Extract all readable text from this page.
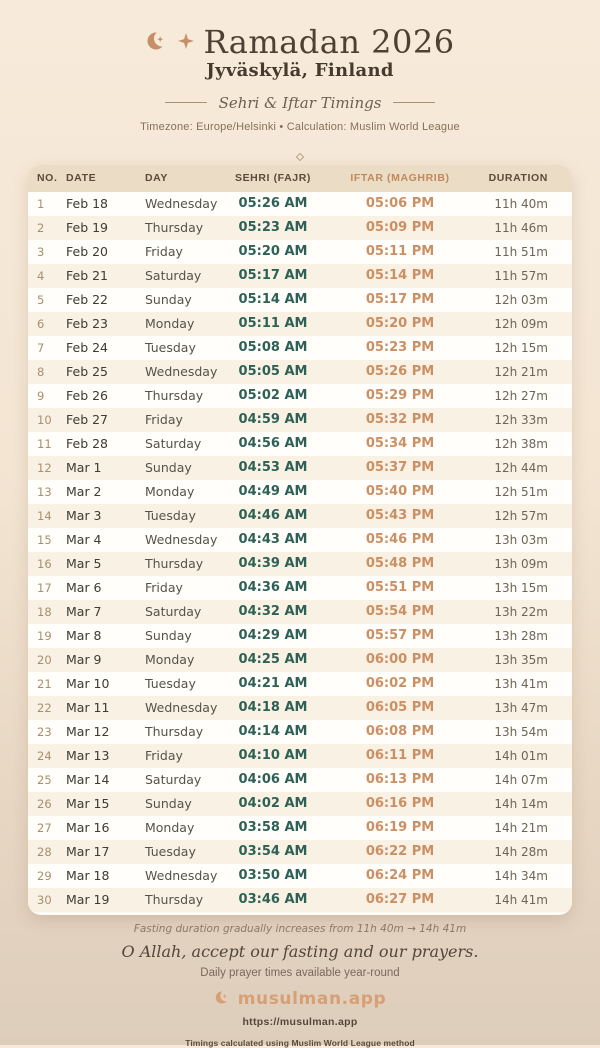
Ramadan 2026
Jyväskylä, Finland
Sehri & Iftar Timings
Timezone: Europe/Helsinki • Calculation: Muslim World League
NO.	DATE	DAY	SEHRI (FAJR)	IFTAR (MAGHRIB)	DURATION
1	Feb 18	Wednesday	05:26 AM	05:06 PM	11h 40m
2	Feb 19	Thursday	05:23 AM	05:09 PM	11h 46m
3	Feb 20	Friday	05:20 AM	05:11 PM	11h 51m
4	Feb 21	Saturday	05:17 AM	05:14 PM	11h 57m
5	Feb 22	Sunday	05:14 AM	05:17 PM	12h 03m
6	Feb 23	Monday	05:11 AM	05:20 PM	12h 09m
7	Feb 24	Tuesday	05:08 AM	05:23 PM	12h 15m
8	Feb 25	Wednesday	05:05 AM	05:26 PM	12h 21m
9	Feb 26	Thursday	05:02 AM	05:29 PM	12h 27m
10	Feb 27	Friday	04:59 AM	05:32 PM	12h 33m
11	Feb 28	Saturday	04:56 AM	05:34 PM	12h 38m
12	Mar 1	Sunday	04:53 AM	05:37 PM	12h 44m
13	Mar 2	Monday	04:49 AM	05:40 PM	12h 51m
14	Mar 3	Tuesday	04:46 AM	05:43 PM	12h 57m
15	Mar 4	Wednesday	04:43 AM	05:46 PM	13h 03m
16	Mar 5	Thursday	04:39 AM	05:48 PM	13h 09m
17	Mar 6	Friday	04:36 AM	05:51 PM	13h 15m
18	Mar 7	Saturday	04:32 AM	05:54 PM	13h 22m
19	Mar 8	Sunday	04:29 AM	05:57 PM	13h 28m
20	Mar 9	Monday	04:25 AM	06:00 PM	13h 35m
21	Mar 10	Tuesday	04:21 AM	06:02 PM	13h 41m
22	Mar 11	Wednesday	04:18 AM	06:05 PM	13h 47m
23	Mar 12	Thursday	04:14 AM	06:08 PM	13h 54m
24	Mar 13	Friday	04:10 AM	06:11 PM	14h 01m
25	Mar 14	Saturday	04:06 AM	06:13 PM	14h 07m
26	Mar 15	Sunday	04:02 AM	06:16 PM	14h 14m
27	Mar 16	Monday	03:58 AM	06:19 PM	14h 21m
28	Mar 17	Tuesday	03:54 AM	06:22 PM	14h 28m
29	Mar 18	Wednesday	03:50 AM	06:24 PM	14h 34m
30	Mar 19	Thursday	03:46 AM	06:27 PM	14h 41m
Fasting duration gradually increases from 11h 40m → 14h 41m
O Allah, accept our fasting and our prayers.
Daily prayer times available year-round
musulman.app
https://musulman.app
Timings calculated using Muslim World League method
